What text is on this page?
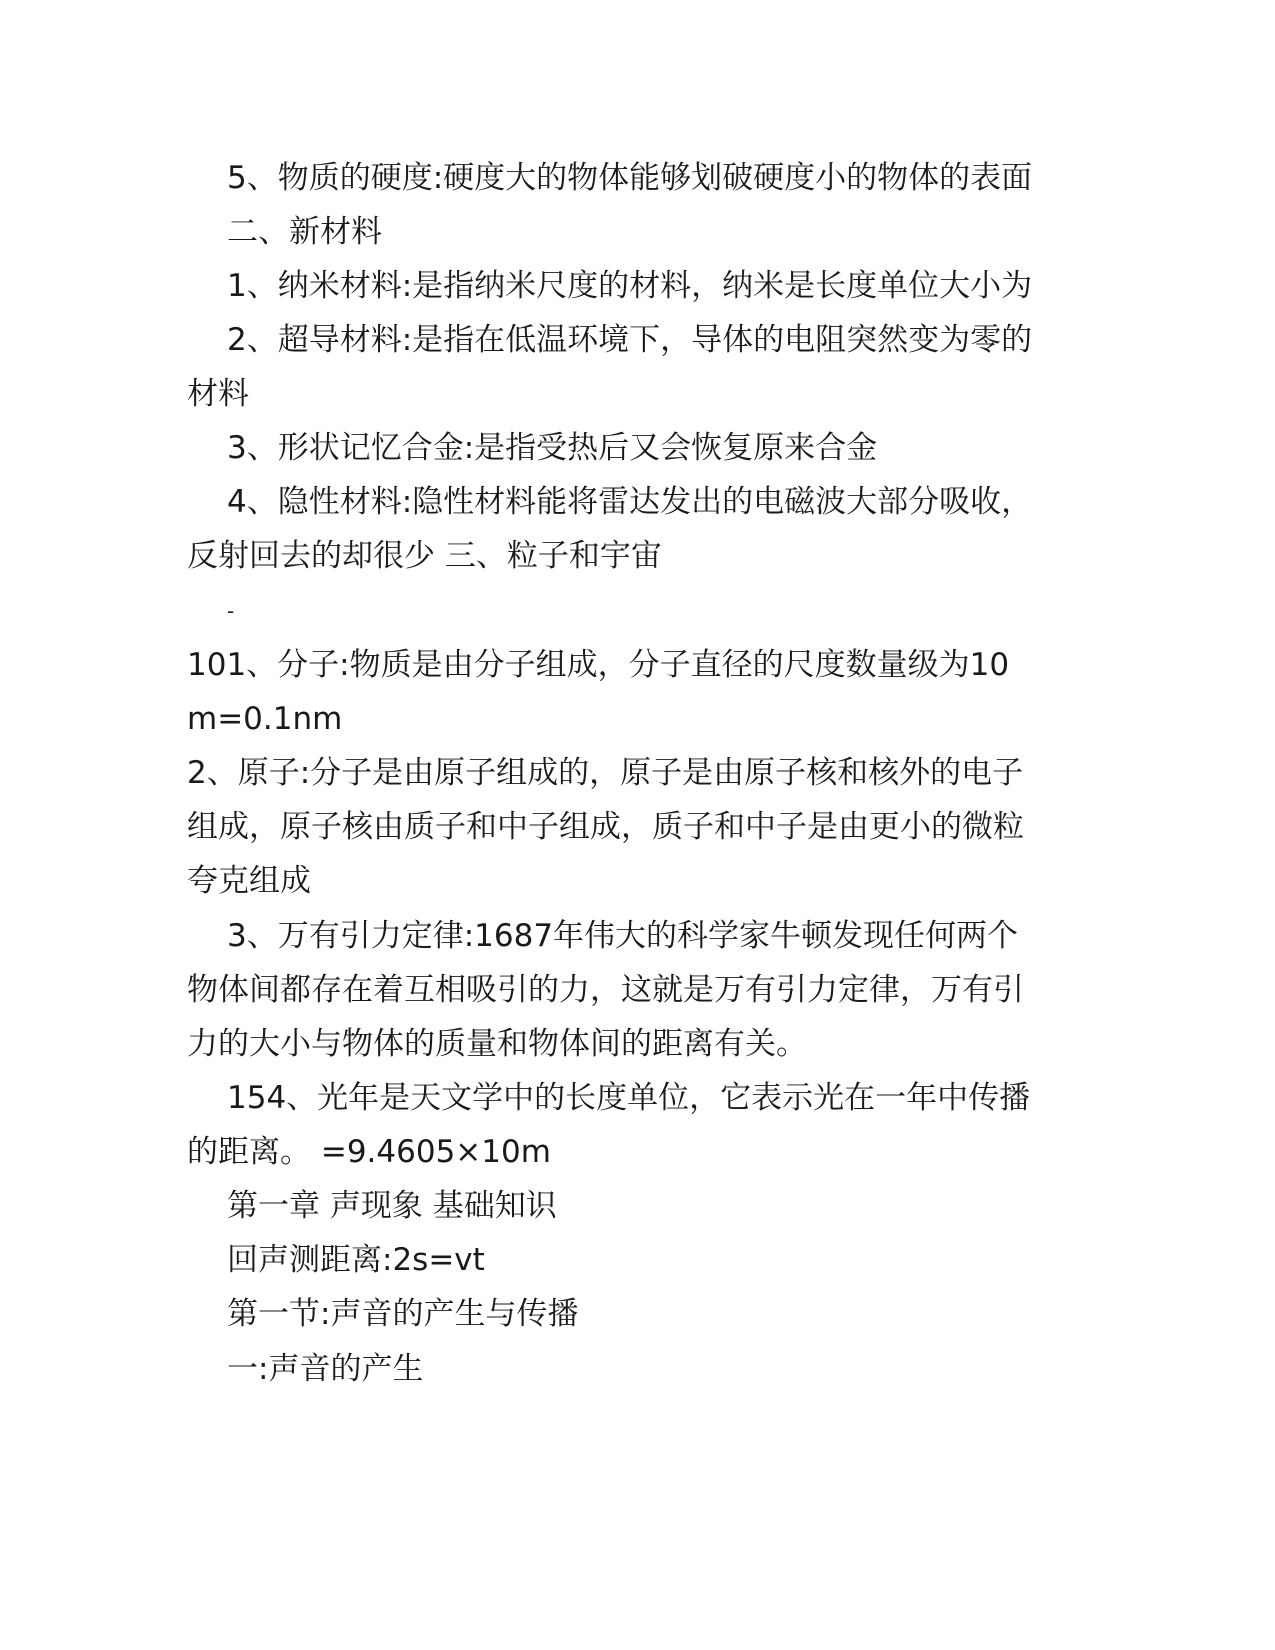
5、物质的硬度:硬度大的物体能够划破硬度小的物体的表面
二、新材料
1、纳米材料:是指纳米尺度的材料，纳米是长度单位大小为
2、超导材料:是指在低温环境下，导体的电阻突然变为零的
材料
3、形状记忆合金:是指受热后又会恢复原来合金
4、隐性材料:隐性材料能将雷达发出的电磁波大部分吸收，
反射回去的却很少 三、粒子和宇宙
-
101、分子:物质是由分子组成，分子直径的尺度数量级为10
m=0.1nm
2、原子:分子是由原子组成的，原子是由原子核和核外的电子
组成，原子核由质子和中子组成，质子和中子是由更小的微粒
夸克组成
3、万有引力定律:1687年伟大的科学家牛顿发现任何两个
物体间都存在着互相吸引的力，这就是万有引力定律，万有引
力的大小与物体的质量和物体间的距离有关。
154、光年是天文学中的长度单位，它表示光在一年中传播
的距离。 =9.4605×10m
第一章 声现象 基础知识
回声测距离:2s=vt
第一节:声音的产生与传播
一:声音的产生
